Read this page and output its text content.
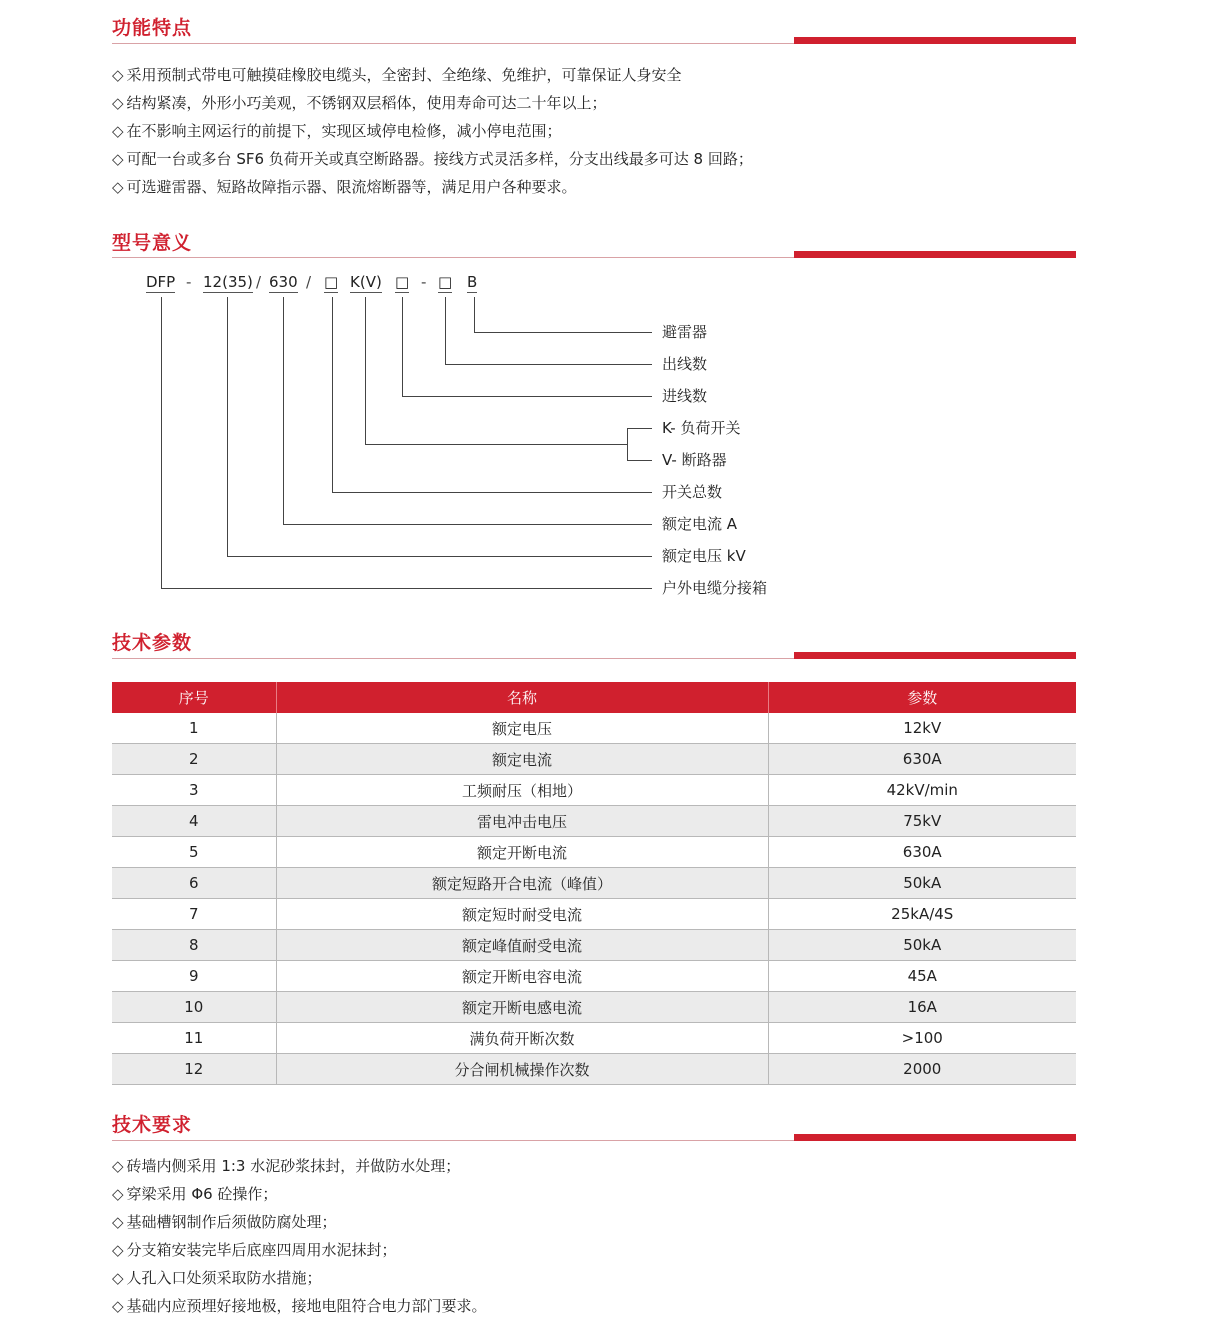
功能特点
◇ 采用预制式带电可触摸硅橡胶电缆头，全密封、全绝缘、免维护，可靠保证人身安全
◇ 结构紧凑，外形小巧美观，不锈钢双层稻体，使用寿命可达二十年以上；
◇ 在不影响主网运行的前提下，实现区域停电检修，减小停电范围；
◇ 可配一台或多台 SF6 负荷开关或真空断路器。接线方式灵活多样，分支出线最多可达 8 回路；
◇ 可选避雷器、短路故障指示器、限流熔断器等，满足用户各种要求。
型号意义
DFP - 12(35) / 630 / □ K(V) □ - □ B
避雷器
出线数
进线数
K- 负荷开关
V- 断路器
开关总数
额定电流 A
额定电压 kV
户外电缆分接箱
技术参数
序号	名称	参数
1	额定电压	12kV
2	额定电流	630A
3	工频耐压（相地）	42kV/min
4	雷电冲击电压	75kV
5	额定开断电流	630A
6	额定短路开合电流（峰值）	50kA
7	额定短时耐受电流	25kA/4S
8	额定峰值耐受电流	50kA
9	额定开断电容电流	45A
10	额定开断电感电流	16A
11	满负荷开断次数	>100
12	分合闸机械操作次数	2000
技术要求
◇ 砖墙内侧采用 1:3 水泥砂浆抹封，并做防水处理；
◇ 穿梁采用 Φ6 砼操作；
◇ 基础槽钢制作后须做防腐处理；
◇ 分支箱安装完毕后底座四周用水泥抹封；
◇ 人孔入口处须采取防水措施；
◇ 基础内应预埋好接地极，接地电阻符合电力部门要求。
